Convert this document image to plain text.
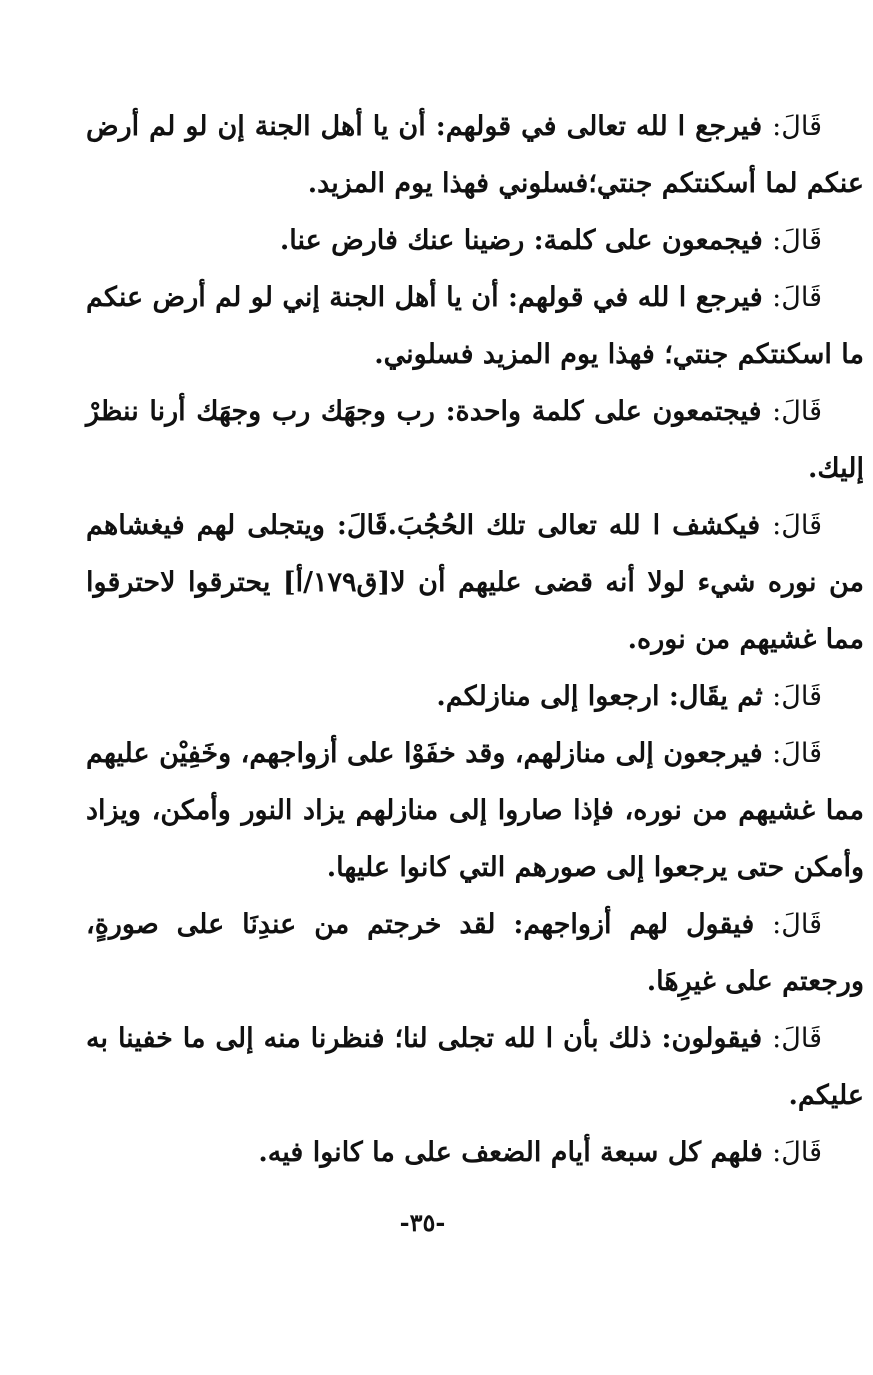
قَالَ: فيرجع ا لله تعالى في قولهم: أن يا أهل الجنة إن لو لم أرض عنكم لما أسكنتكم جنتي؛فسلوني فهذا يوم المزيد.

قَالَ: فيجمعون على كلمة: رضينا عنك فارض عنا.

قَالَ: فيرجع ا لله في قولهم: أن يا أهل الجنة إني لو لم أرض عنكم ما اسكنتكم جنتي؛ فهذا يوم المزيد فسلوني.

قَالَ: فيجتمعون على كلمة واحدة: رب وجهَك رب وجهَك أرنا ننظرْ إليك.

قَالَ: فيكشف ا لله تعالى تلك الحُجُبَ.قَالَ: ويتجلى لهم فيغشاهم من نوره شيء لولا أنه قضى عليهم أن لا[ق١٧٩/أ] يحترقوا لاحترقوا مما غشيهم من نوره.

قَالَ: ثم يقَال: ارجعوا إلى منازلكم.

قَالَ: فيرجعون إلى منازلهم، وقد خفَوْا على أزواجهم، وخَفِيْن عليهم مما غشيهم من نوره، فإذا صاروا إلى منازلهم يزاد النور وأمكن، ويزاد وأمكن حتى يرجعوا إلى صورهم التي كانوا عليها.

قَالَ: فيقول لهم أزواجهم: لقد خرجتم من عندِنَا على صورةٍ، ورجعتم على غيرِهَا.

قَالَ: فيقولون: ذلك بأن ا لله تجلى لنا؛ فنظرنا منه إلى ما خفينا به عليكم.

قَالَ: فلهم كل سبعة أيام الضعف على ما كانوا فيه.

-٣٥-
